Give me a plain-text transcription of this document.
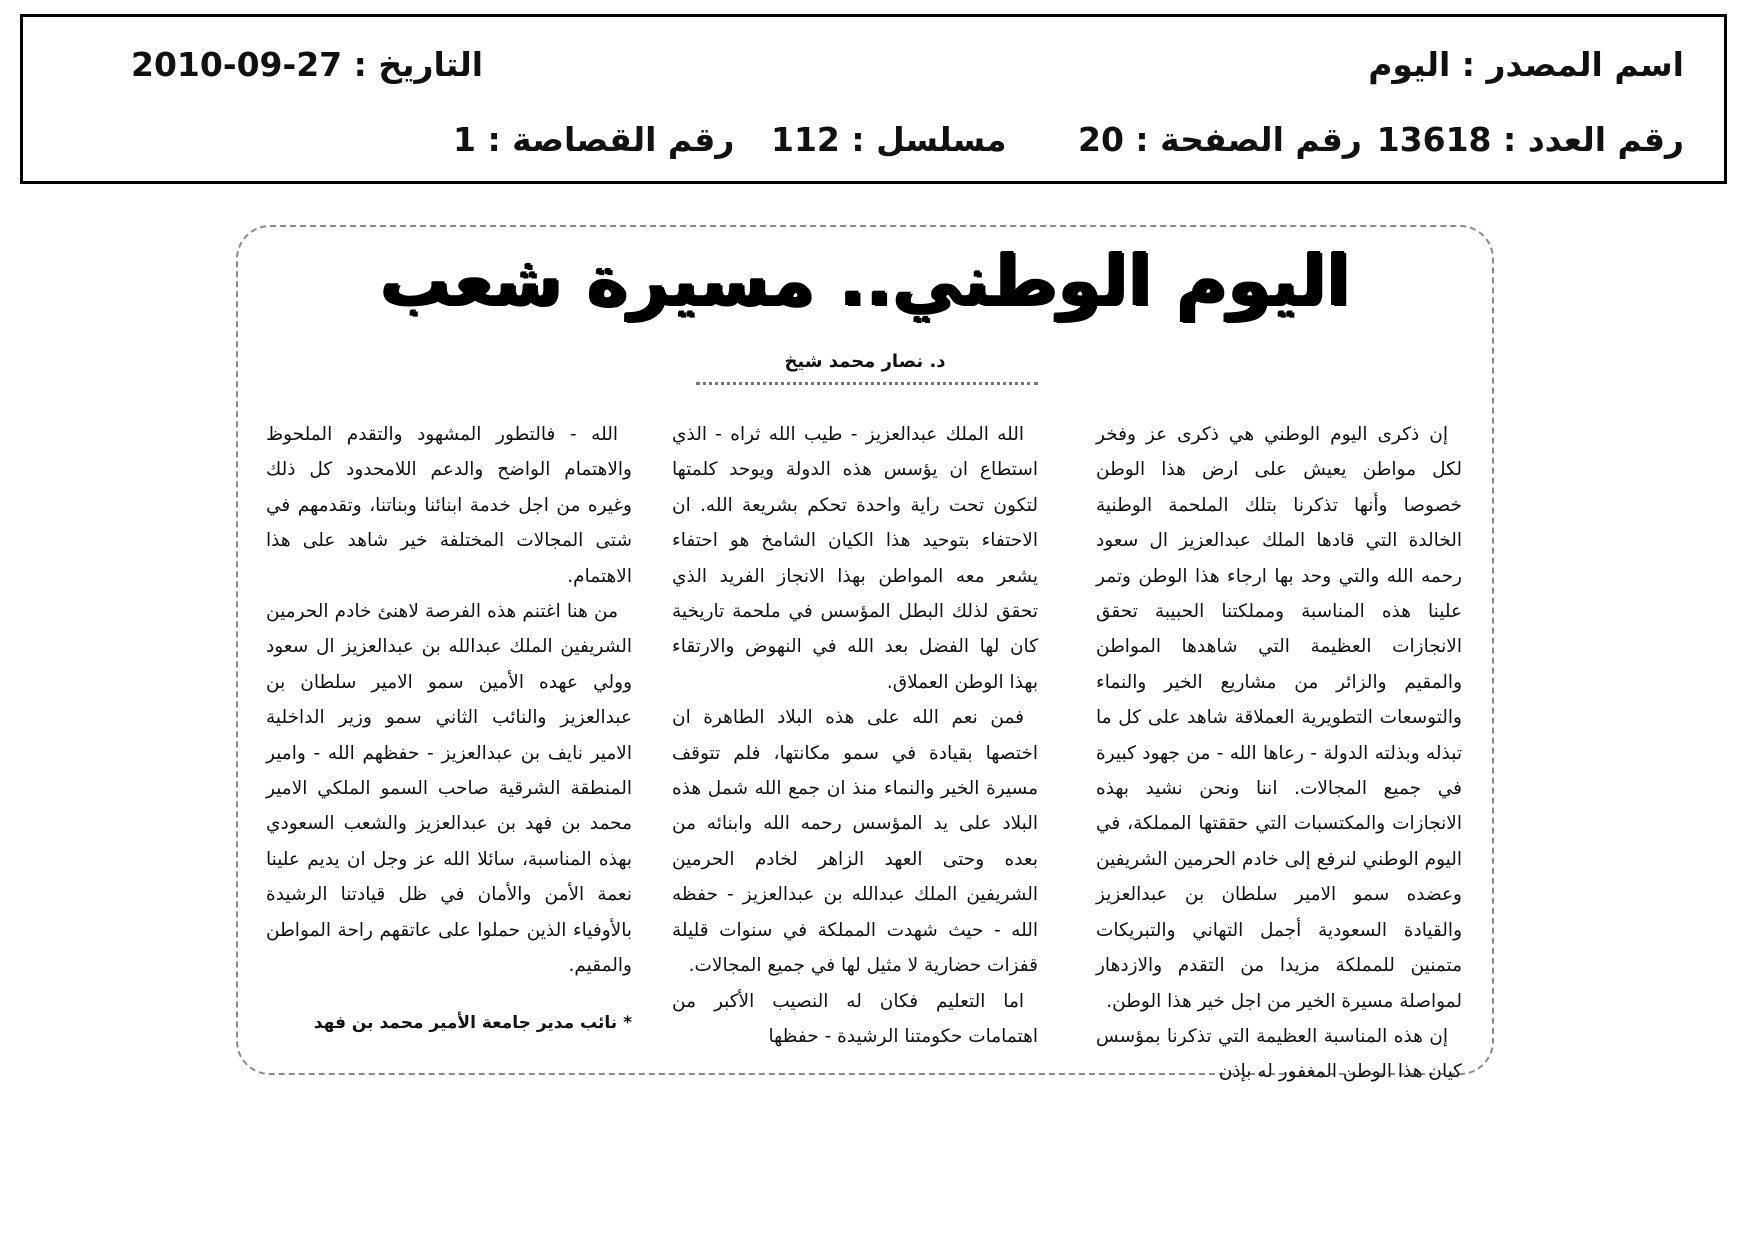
اسم المصدر : اليوم
التاريخ : 27-09-2010
رقم العدد : 13618
رقم القصاصة : 1 مسلسل : 112 رقم الصفحة : 20
اليوم الوطني.. مسيرة شعب
د. نصار محمد شيخ

إن ذكرى اليوم الوطني هي ذكرى عز وفخر لكل مواطن يعيش على ارض هذا الوطن خصوصا وأنها تذكرنا بتلك الملحمة الوطنية الخالدة التي قادها الملك عبدالعزيز ال سعود رحمه الله والتي وحد بها ارجاء هذا الوطن وتمر علينا هذه المناسبة ومملكتنا الحبيبة تحقق الانجازات العظيمة التي شاهدها المواطن والمقيم والزائر من مشاريع الخير والنماء والتوسعات التطويرية العملاقة شاهد على كل ما تبذله وبذلته الدولة - رعاها الله - من جهود كبيرة في جميع المجالات. اننا ونحن نشيد بهذه الانجازات والمكتسبات التي حققتها المملكة، في اليوم الوطني لنرفع إلى خادم الحرمين الشريفين وعضده سمو الامير سلطان بن عبدالعزيز والقيادة السعودية أجمل التهاني والتبريكات متمنين للمملكة مزيدا من التقدم والازدهار لمواصلة مسيرة الخير من اجل خير هذا الوطن.

إن هذه المناسبة العظيمة التي تذكرنا بمؤسس كيان هذا الوطن المغفور له بإذن

الله الملك عبدالعزيز - طيب الله ثراه - الذي استطاع ان يؤسس هذه الدولة ويوحد كلمتها لتكون تحت راية واحدة تحكم بشريعة الله. ان الاحتفاء بتوحيد هذا الكيان الشامخ هو احتفاء يشعر معه المواطن بهذا الانجاز الفريد الذي تحقق لذلك البطل المؤسس في ملحمة تاريخية كان لها الفضل بعد الله في النهوض والارتقاء بهذا الوطن العملاق.

فمن نعم الله على هذه البلاد الطاهرة ان اختصها بقيادة في سمو مكانتها، فلم تتوقف مسيرة الخير والنماء منذ ان جمع الله شمل هذه البلاد على يد المؤسس رحمه الله وابنائه من بعده وحتى العهد الزاهر لخادم الحرمين الشريفين الملك عبدالله بن عبدالعزيز - حفظه الله - حيث شهدت المملكة في سنوات قليلة قفزات حضارية لا مثيل لها في جميع المجالات.

اما التعليم فكان له النصيب الأكبر من اهتمامات حكومتنا الرشيدة - حفظها

الله - فالتطور المشهود والتقدم الملحوظ والاهتمام الواضح والدعم اللامحدود كل ذلك وغيره من اجل خدمة ابنائنا وبناتنا، وتقدمهم في شتى المجالات المختلفة خير شاهد على هذا الاهتمام.

من هنا اغتنم هذه الفرصة لاهنئ خادم الحرمين الشريفين الملك عبدالله بن عبدالعزيز ال سعود وولي عهده الأمين سمو الامير سلطان بن عبدالعزيز والنائب الثاني سمو وزير الداخلية الامير نايف بن عبدالعزيز - حفظهم الله - وامير المنطقة الشرقية صاحب السمو الملكي الامير محمد بن فهد بن عبدالعزيز والشعب السعودي بهذه المناسبة، سائلا الله عز وجل ان يديم علينا نعمة الأمن والأمان في ظل قيادتنا الرشيدة بالأوفياء الذين حملوا على عاتقهم راحة المواطن والمقيم.

* نائب مدير جامعة الأمير محمد بن فهد
